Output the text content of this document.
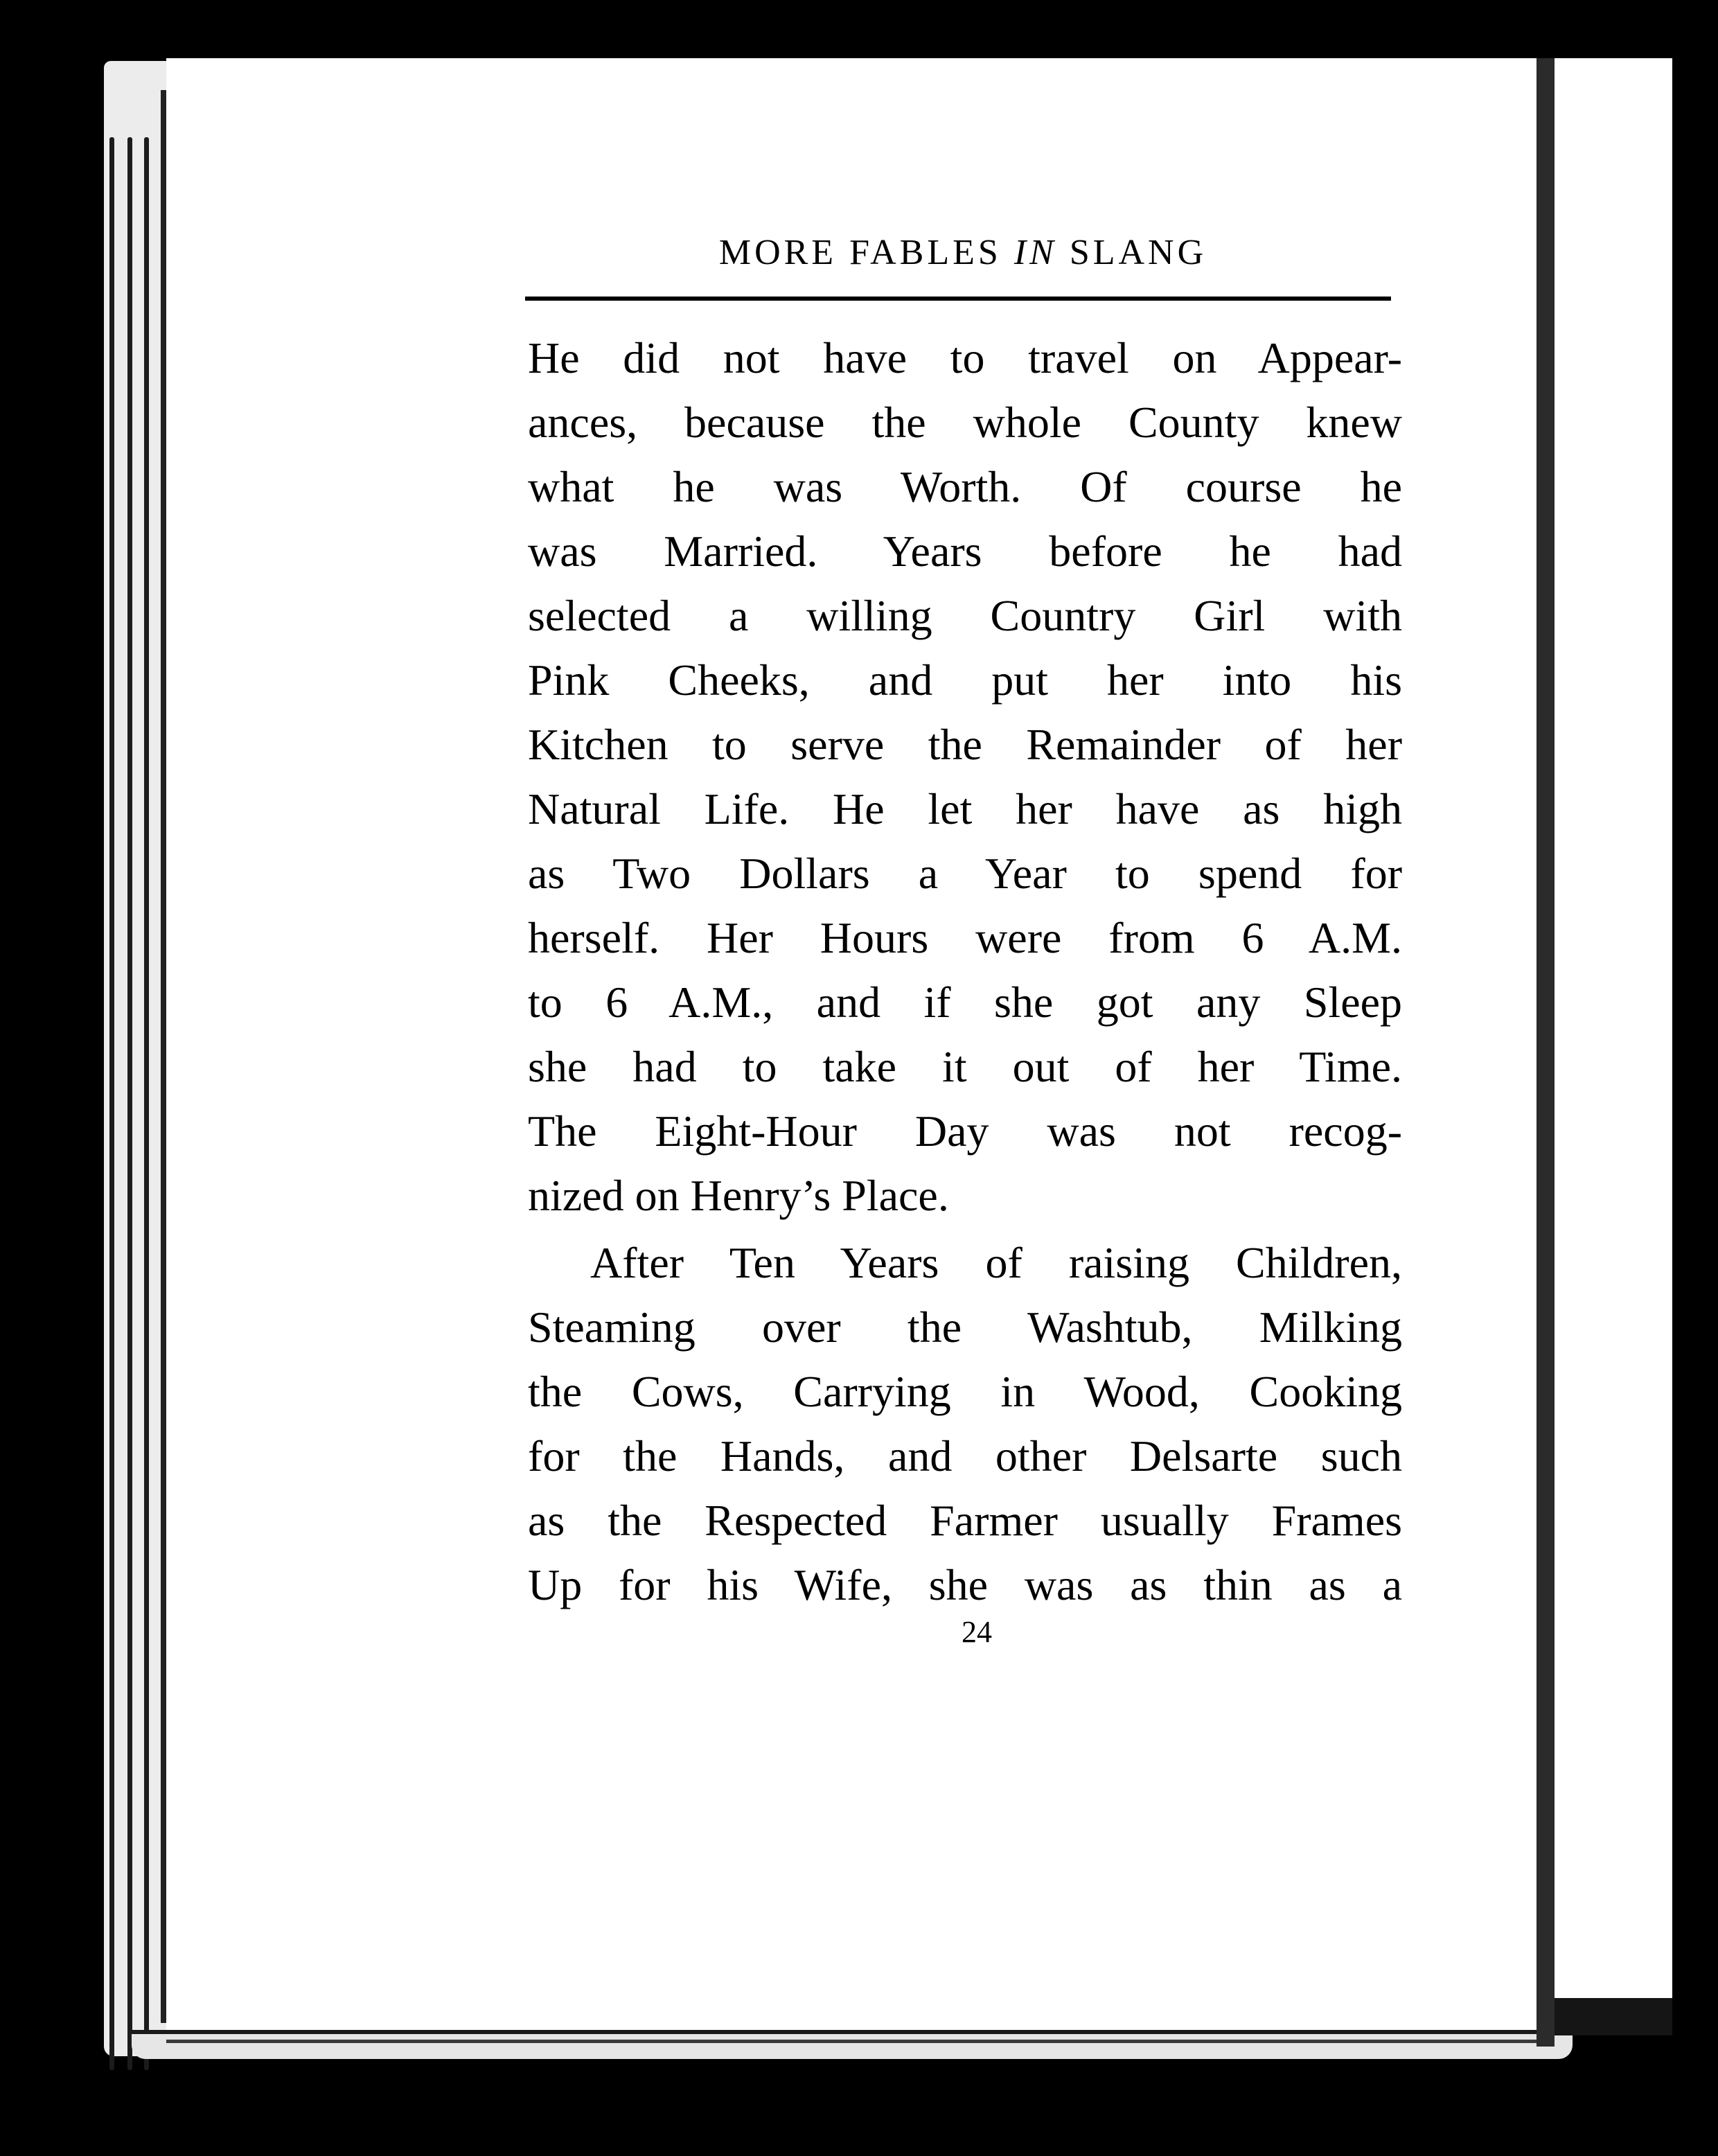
MORE FABLES IN SLANG
He did not have to travel on Appear-
ances, because the whole County knew
what he was Worth. Of course he
was Married. Years before he had
selected a willing Country Girl with
Pink Cheeks, and put her into his
Kitchen to serve the Remainder of her
Natural Life. He let her have as high
as Two Dollars a Year to spend for
herself. Her Hours were from 6 A.M.
to 6 A.M., and if she got any Sleep
she had to take it out of her Time.
The Eight-Hour Day was not recog-
nized on Henry’s Place.
After Ten Years of raising Children,
Steaming over the Washtub, Milking
the Cows, Carrying in Wood, Cooking
for the Hands, and other Delsarte such
as the Respected Farmer usually Frames
Up for his Wife, she was as thin as a
24
